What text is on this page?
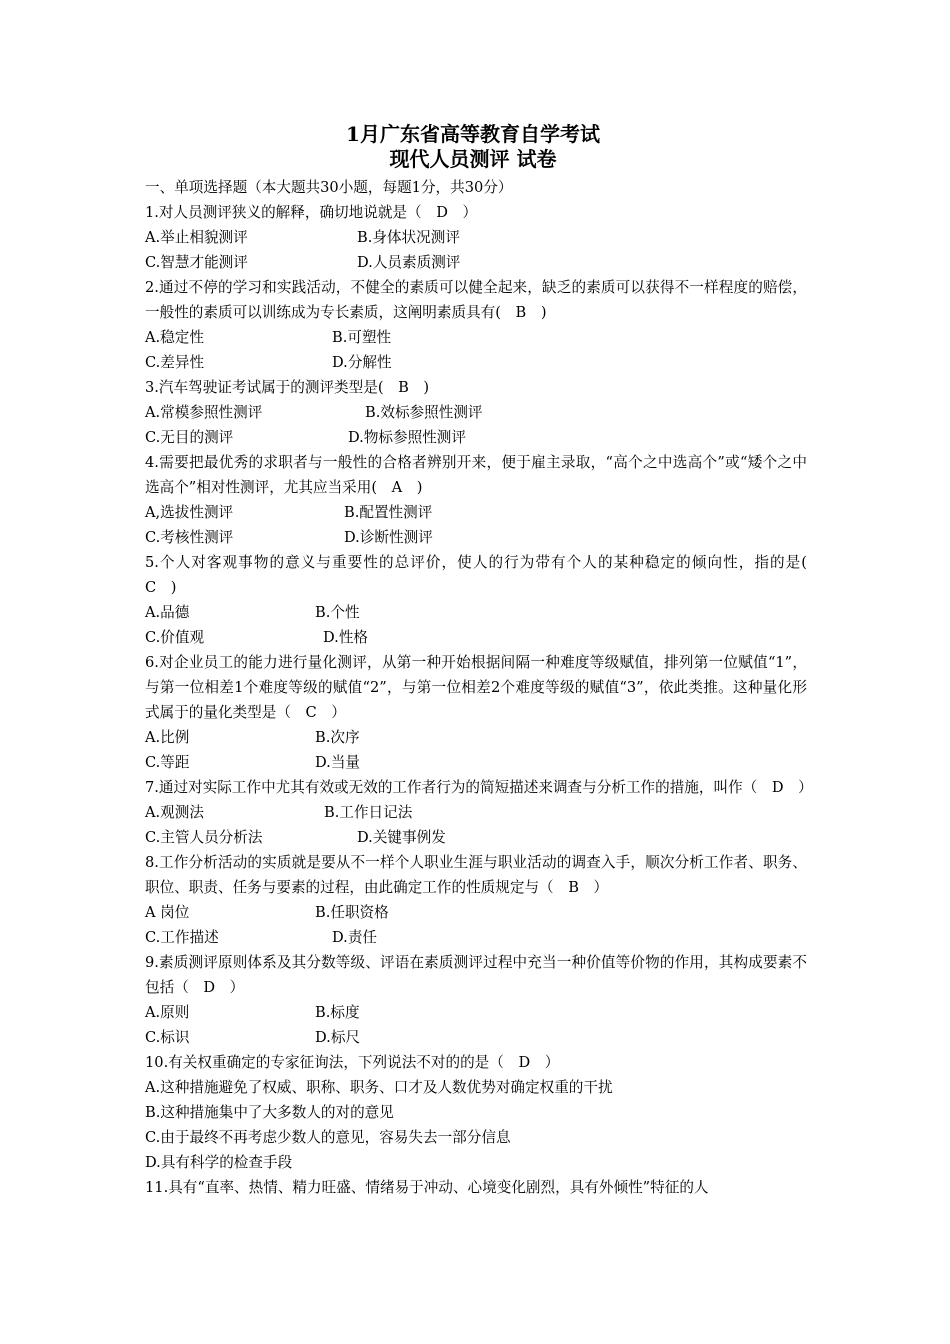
1月广东省高等教育自学考试
现代人员测评 试卷
一、单项选择题（本大题共30小题，每题1分，共30分）
1.对人员测评狭义的解释，确切地说就是（　D　）
A.举止相貌测评	B.身体状况测评
C.智慧才能测评	D.人员素质测评
2.通过不停的学习和实践活动，不健全的素质可以健全起来，缺乏的素质可以获得不一样程度的赔偿，一般性的素质可以训练成为专长素质，这阐明素质具有(　B　)
A.稳定性	B.可塑性
C.差异性	D.分解性
3.汽车驾驶证考试属于的测评类型是(　B　)
A.常模参照性测评	B.效标参照性测评
C.无目的测评	D.物标参照性测评
4.需要把最优秀的求职者与一般性的合格者辨别开来，便于雇主录取，“高个之中选高个”或“矮个之中选高个”相对性测评，尤其应当采用(　A　)
A,选拔性测评	B.配置性测评
C.考核性测评	D.诊断性测评
5.个人对客观事物的意义与重要性的总评价，使人的行为带有个人的某种稳定的倾向性，指的是(　C　)
A.品德	B.个性
C.价值观	D.性格
6.对企业员工的能力进行量化测评，从第一种开始根据间隔一种难度等级赋值，排列第一位赋值“1”，与第一位相差1个难度等级的赋值“2”，与第一位相差2个难度等级的赋值“3”，依此类推。这种量化形式属于的量化类型是（　C　）
A.比例	B.次序
C.等距	D.当量
7.通过对实际工作中尤其有效或无效的工作者行为的简短描述来调查与分析工作的措施，叫作（　D　）
A.观测法	B.工作日记法
C.主管人员分析法	D.关键事例发
8.工作分析活动的实质就是要从不一样个人职业生涯与职业活动的调查入手，顺次分析工作者、职务、职位、职责、任务与要素的过程，由此确定工作的性质规定与（　B　）
A 岗位	B.任职资格
C.工作描述	D.责任
9.素质测评原则体系及其分数等级、评语在素质测评过程中充当一种价值等价物的作用，其构成要素不包括（　D　）
A.原则	B.标度
C.标识	D.标尺
10.有关权重确定的专家征询法，下列说法不对的的是（　D　）
A.这种措施避免了权威、职称、职务、口才及人数优势对确定权重的干扰
B.这种措施集中了大多数人的对的意见
C.由于最终不再考虑少数人的意见，容易失去一部分信息
D.具有科学的检查手段
11.具有“直率、热情、精力旺盛、情绪易于冲动、心境变化剧烈，具有外倾性”特征的人
